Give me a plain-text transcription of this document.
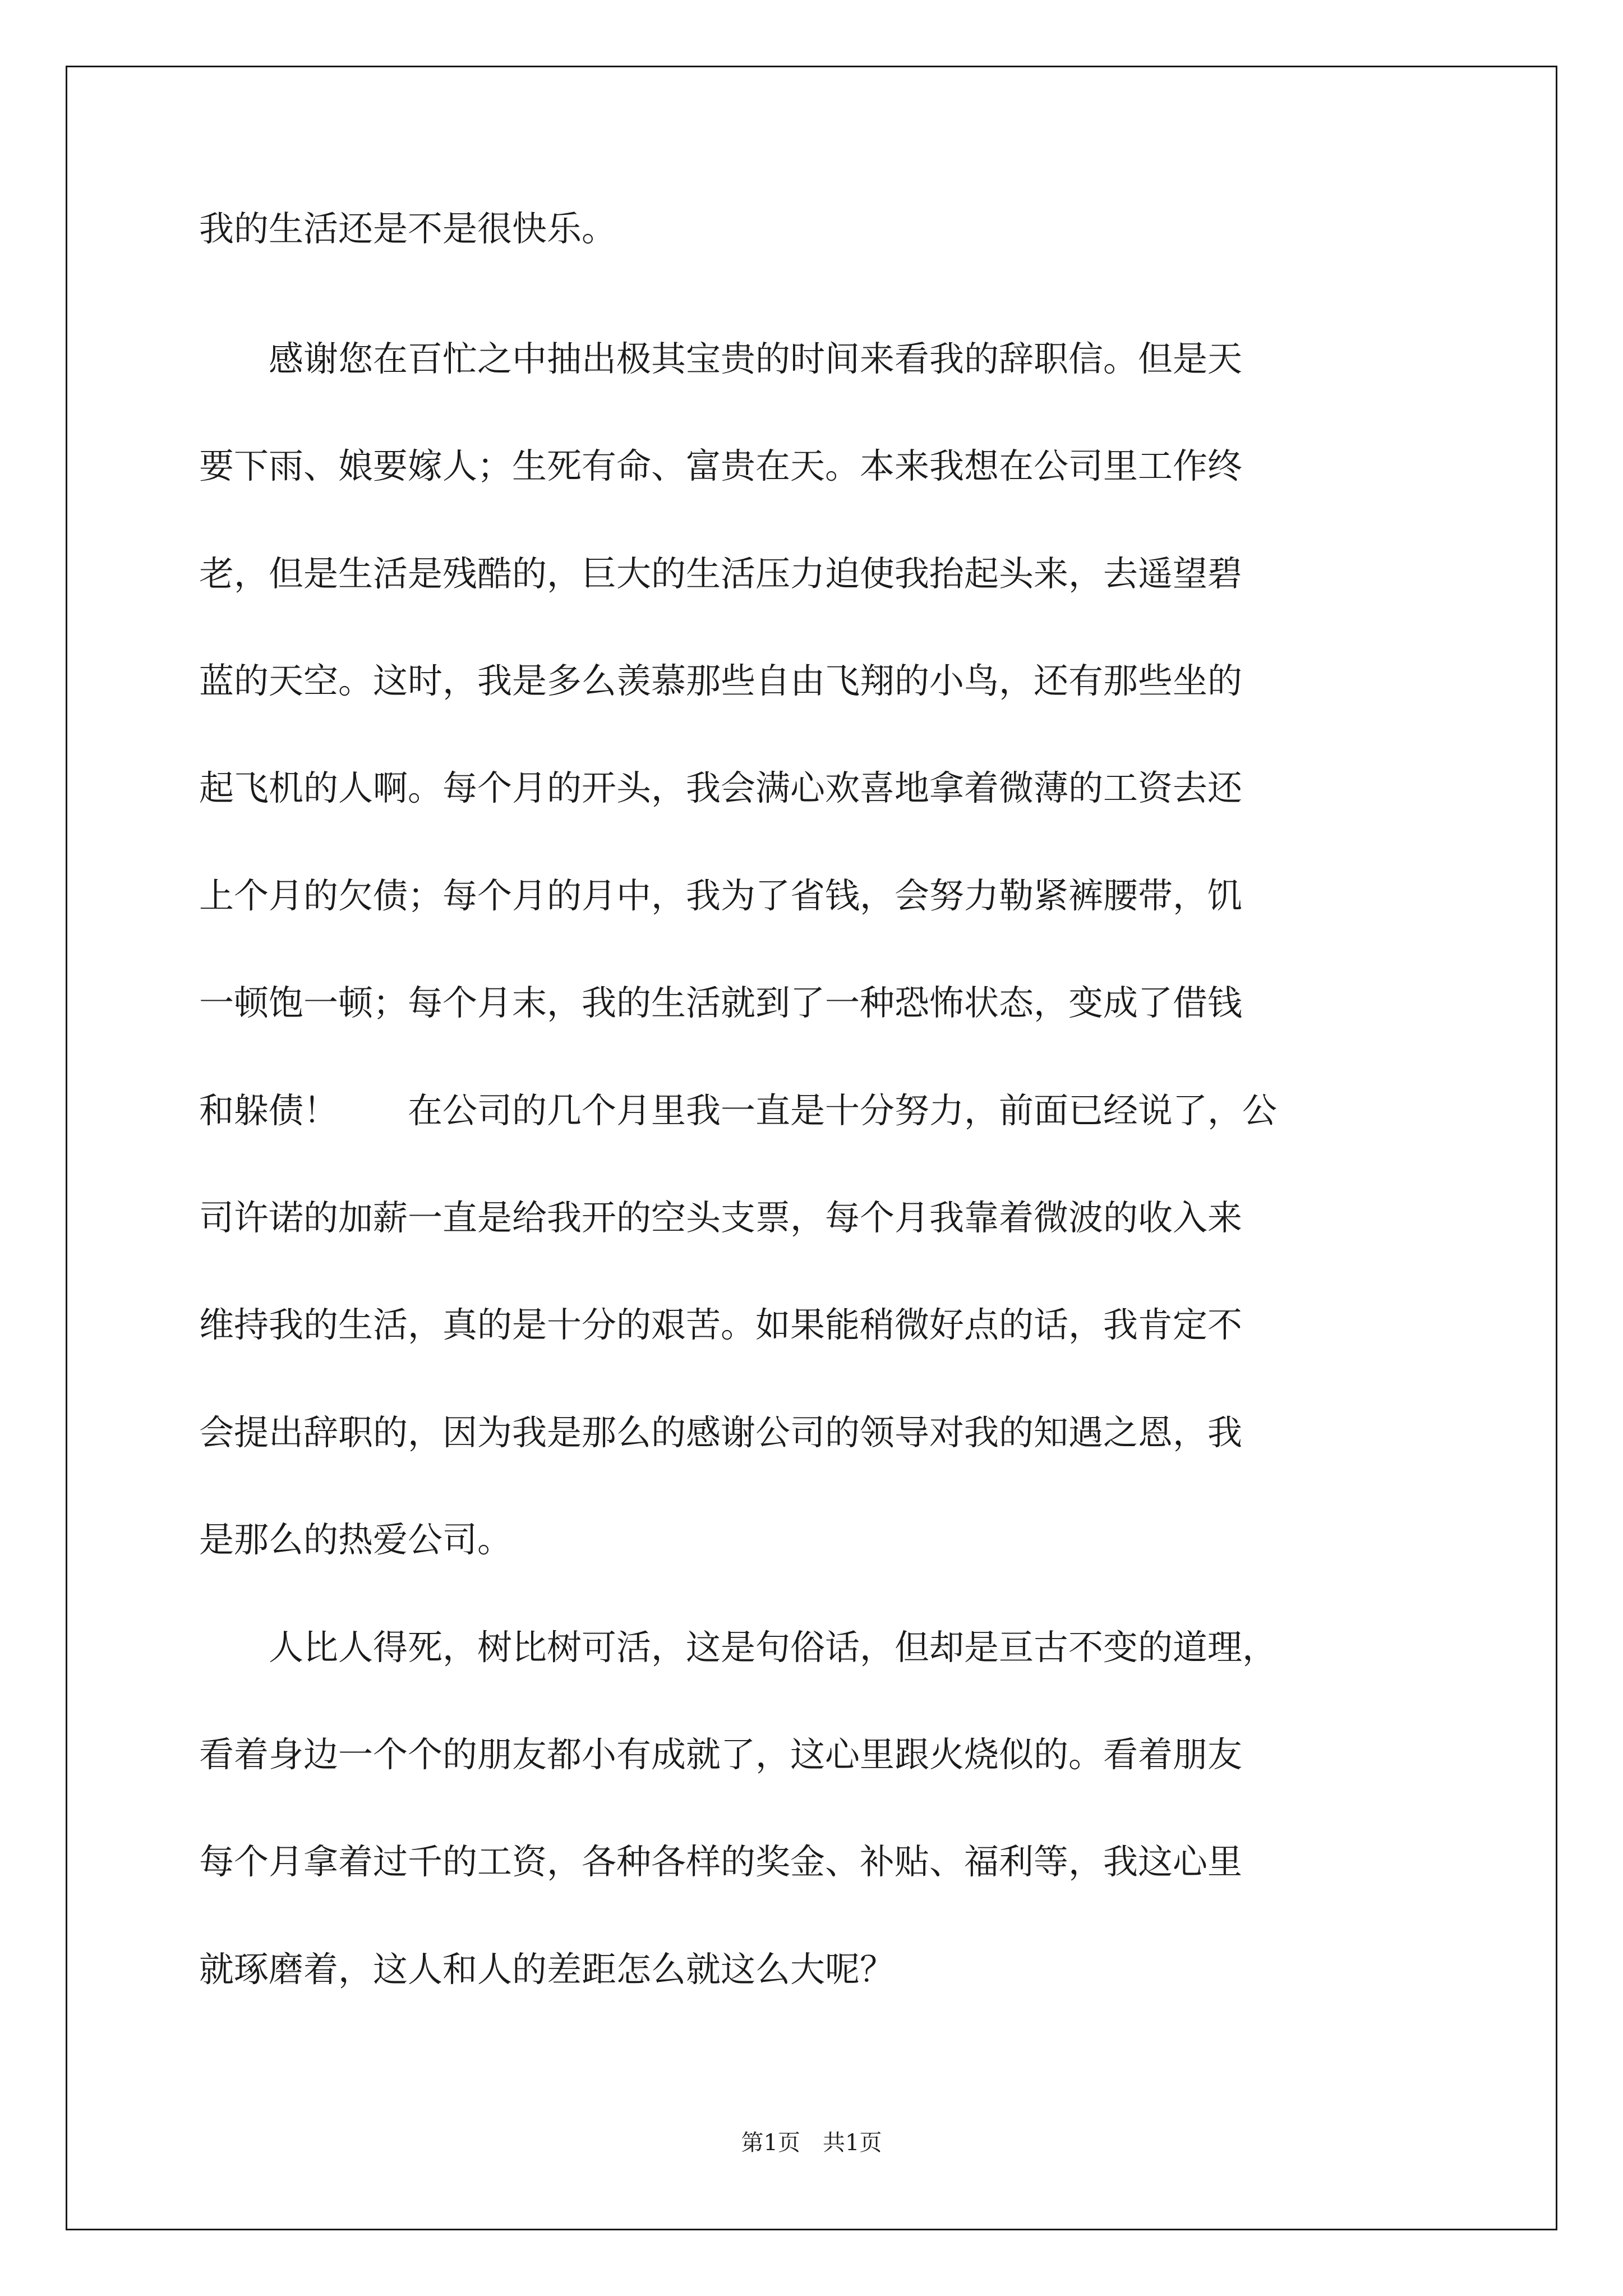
我的生活还是不是很快乐。
　　感谢您在百忙之中抽出极其宝贵的时间来看我的辞职信。但是天
要下雨、娘要嫁人；生死有命、富贵在天。本来我想在公司里工作终
老，但是生活是残酷的，巨大的生活压力迫使我抬起头来，去遥望碧
蓝的天空。这时，我是多么羡慕那些自由飞翔的小鸟，还有那些坐的
起飞机的人啊。每个月的开头，我会满心欢喜地拿着微薄的工资去还
上个月的欠债；每个月的月中，我为了省钱，会努力勒紧裤腰带，饥
一顿饱一顿；每个月末，我的生活就到了一种恐怖状态，变成了借钱
和躲债！　　在公司的几个月里我一直是十分努力，前面已经说了，公
司许诺的加薪一直是给我开的空头支票，每个月我靠着微波的收入来
维持我的生活，真的是十分的艰苦。如果能稍微好点的话，我肯定不
会提出辞职的，因为我是那么的感谢公司的领导对我的知遇之恩，我
是那么的热爱公司。
　　人比人得死，树比树可活，这是句俗话，但却是亘古不变的道理，
看着身边一个个的朋友都小有成就了，这心里跟火烧似的。看着朋友
每个月拿着过千的工资，各种各样的奖金、补贴、福利等，我这心里
就琢磨着，这人和人的差距怎么就这么大呢？
第1页　共1页
